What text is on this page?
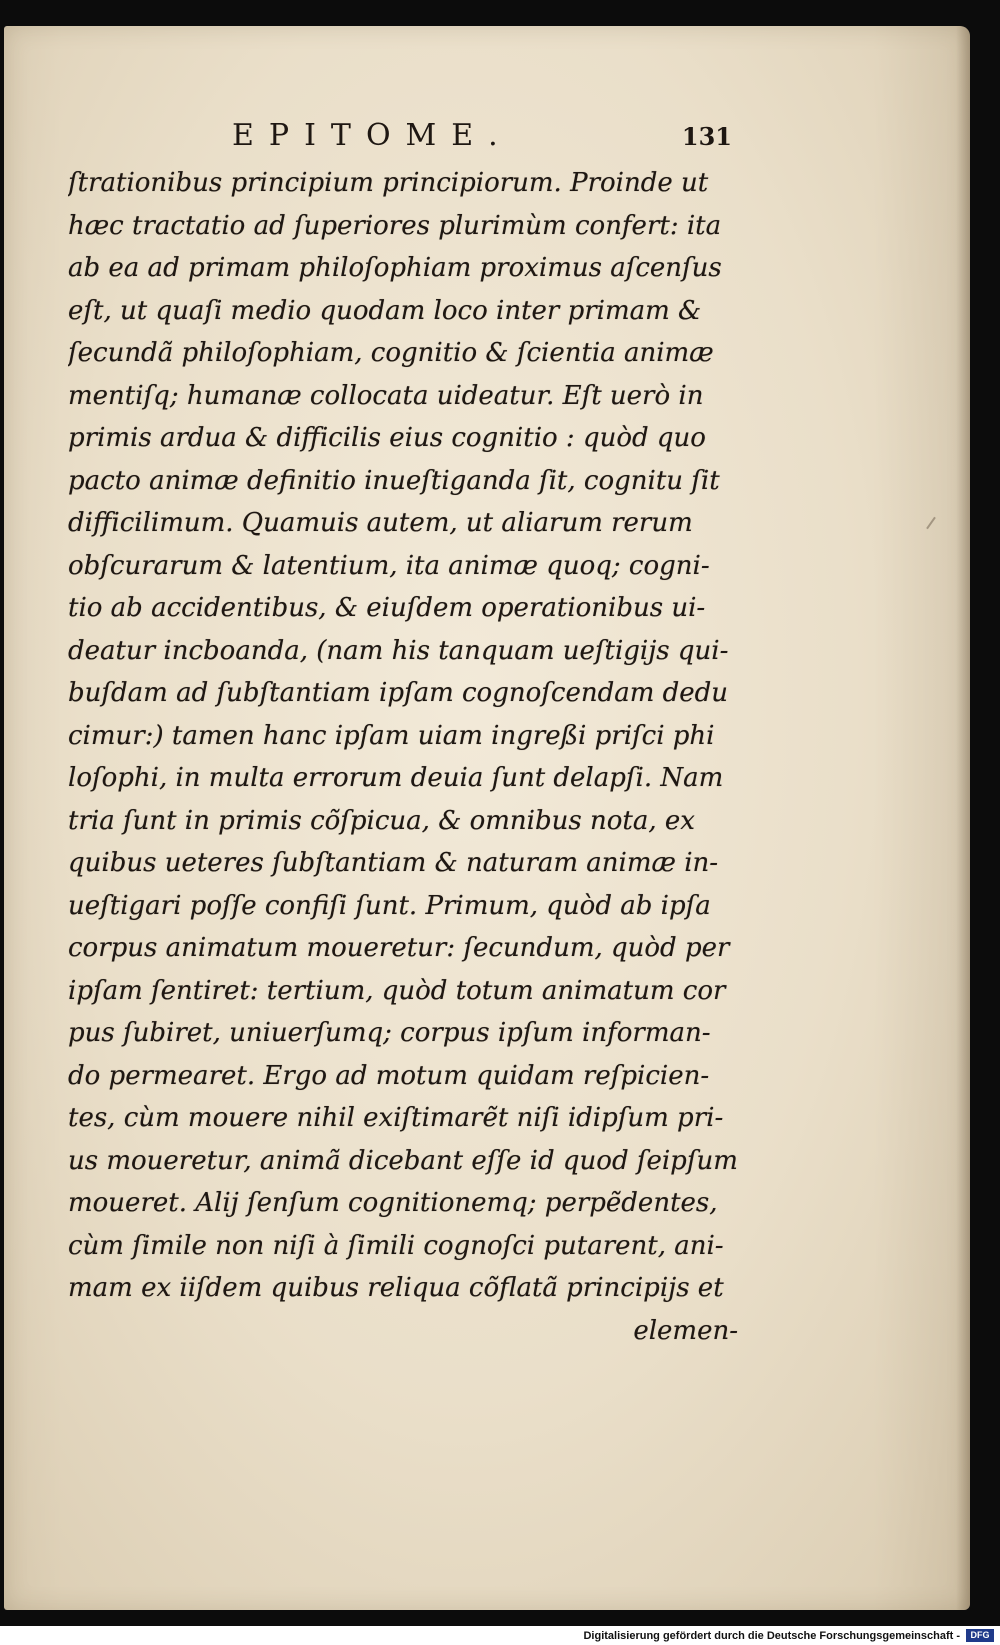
EPITOME.	131
ſtrationibus principium principiorum. Proinde ut
hæc tractatio ad ſuperiores plurimùm confert: ita
ab ea ad primam philoſophiam proximus aſcenſus
eſt, ut quaſi medio quodam loco inter primam &
ſecundã philoſophiam, cognitio & ſcientia animæ
mentiſq; humanæ collocata uideatur. Eſt uerò in
primis ardua & difficilis eius cognitio : quòd quo
pacto animæ definitio inueſtiganda ſit, cognitu ſit
difficilimum. Quamuis autem, ut aliarum rerum
obſcurarum & latentium, ita animæ quoq; cogni-
tio ab accidentibus, & eiuſdem operationibus ui-
deatur incboanda, (nam his tanquam ueſtigijs qui-
buſdam ad ſubſtantiam ipſam cognoſcendam dedu
cimur:) tamen hanc ipſam uiam ingreßi priſci phi
loſophi, in multa errorum deuia ſunt delapſi. Nam
tria ſunt in primis cõſpicua, & omnibus nota, ex
quibus ueteres ſubſtantiam & naturam animæ in-
ueſtigari poſſe confiſi ſunt. Primum, quòd ab ipſa
corpus animatum moueretur: ſecundum, quòd per
ipſam ſentiret: tertium, quòd totum animatum cor
pus ſubiret, uniuerſumq; corpus ipſum informan-
do permearet. Ergo ad motum quidam reſpicien-
tes, cùm mouere nihil exiſtimarẽt niſi idipſum pri-
us moueretur, animã dicebant eſſe id quod ſeipſum
moueret. Alij ſenſum cognitionemq; perpẽdentes,
cùm ſimile non niſi à ſimili cognoſci putarent, ani-
mam ex iiſdem quibus reliqua cõflatã principijs et
elemen-
Digitalisierung gefördert durch die Deutsche Forschungsgemeinschaft -	DFG
